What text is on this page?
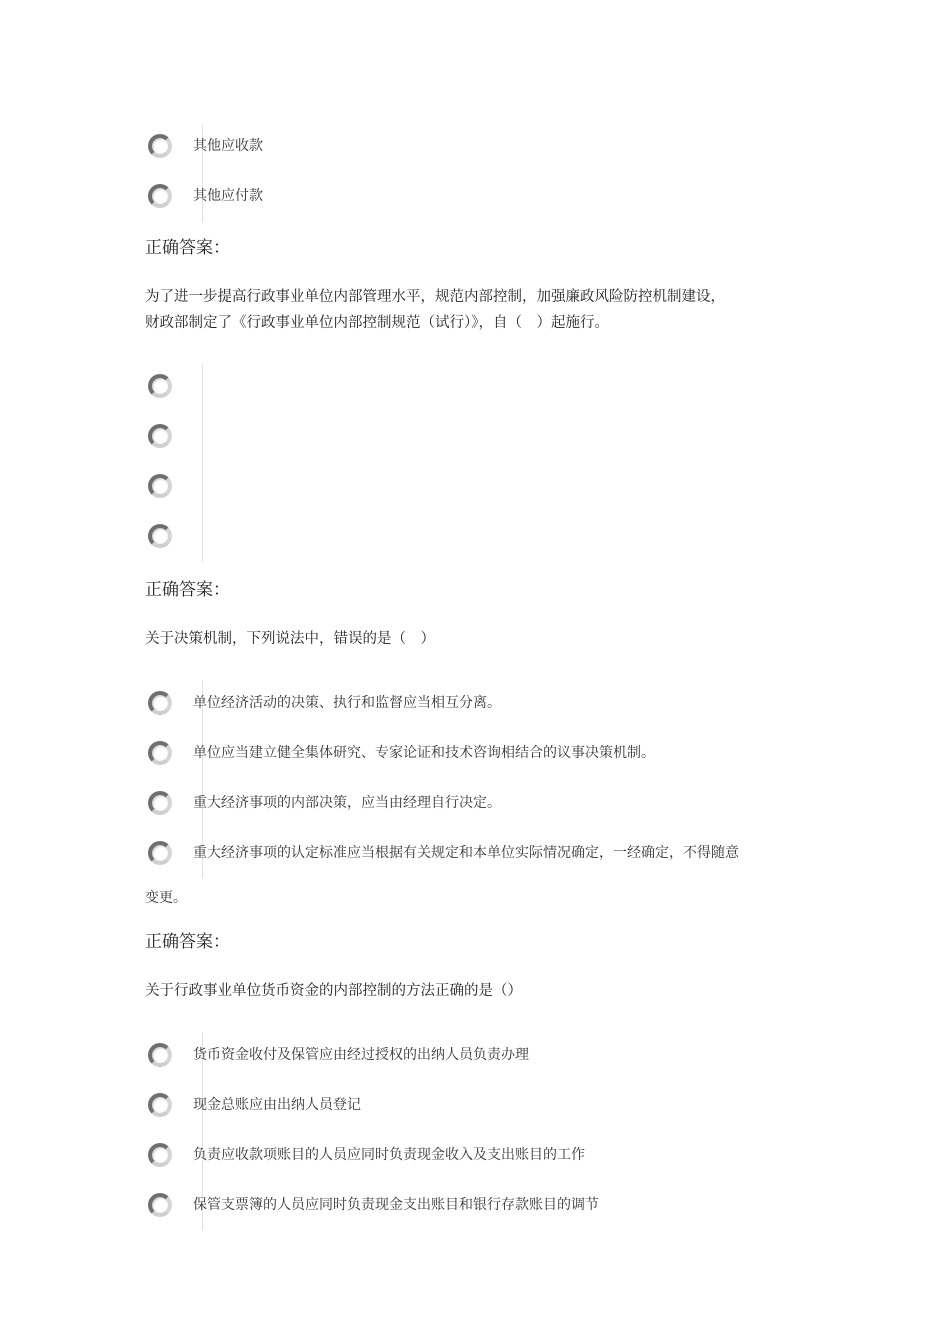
其他应收款
其他应付款
正确答案：
为了进一步提高行政事业单位内部管理水平，规范内部控制，加强廉政风险防控机制建设，
财政部制定了《行政事业单位内部控制规范（试行）》，自（　）起施行。
正确答案：
关于决策机制，下列说法中，错误的是（　）
单位经济活动的决策、执行和监督应当相互分离。
单位应当建立健全集体研究、专家论证和技术咨询相结合的议事决策机制。
重大经济事项的内部决策，应当由经理自行决定。
重大经济事项的认定标准应当根据有关规定和本单位实际情况确定，一经确定，不得随意
变更。
正确答案：
关于行政事业单位货币资金的内部控制的方法正确的是（）
货币资金收付及保管应由经过授权的出纳人员负责办理
现金总账应由出纳人员登记
负责应收款项账目的人员应同时负责现金收入及支出账目的工作
保管支票簿的人员应同时负责现金支出账目和银行存款账目的调节
